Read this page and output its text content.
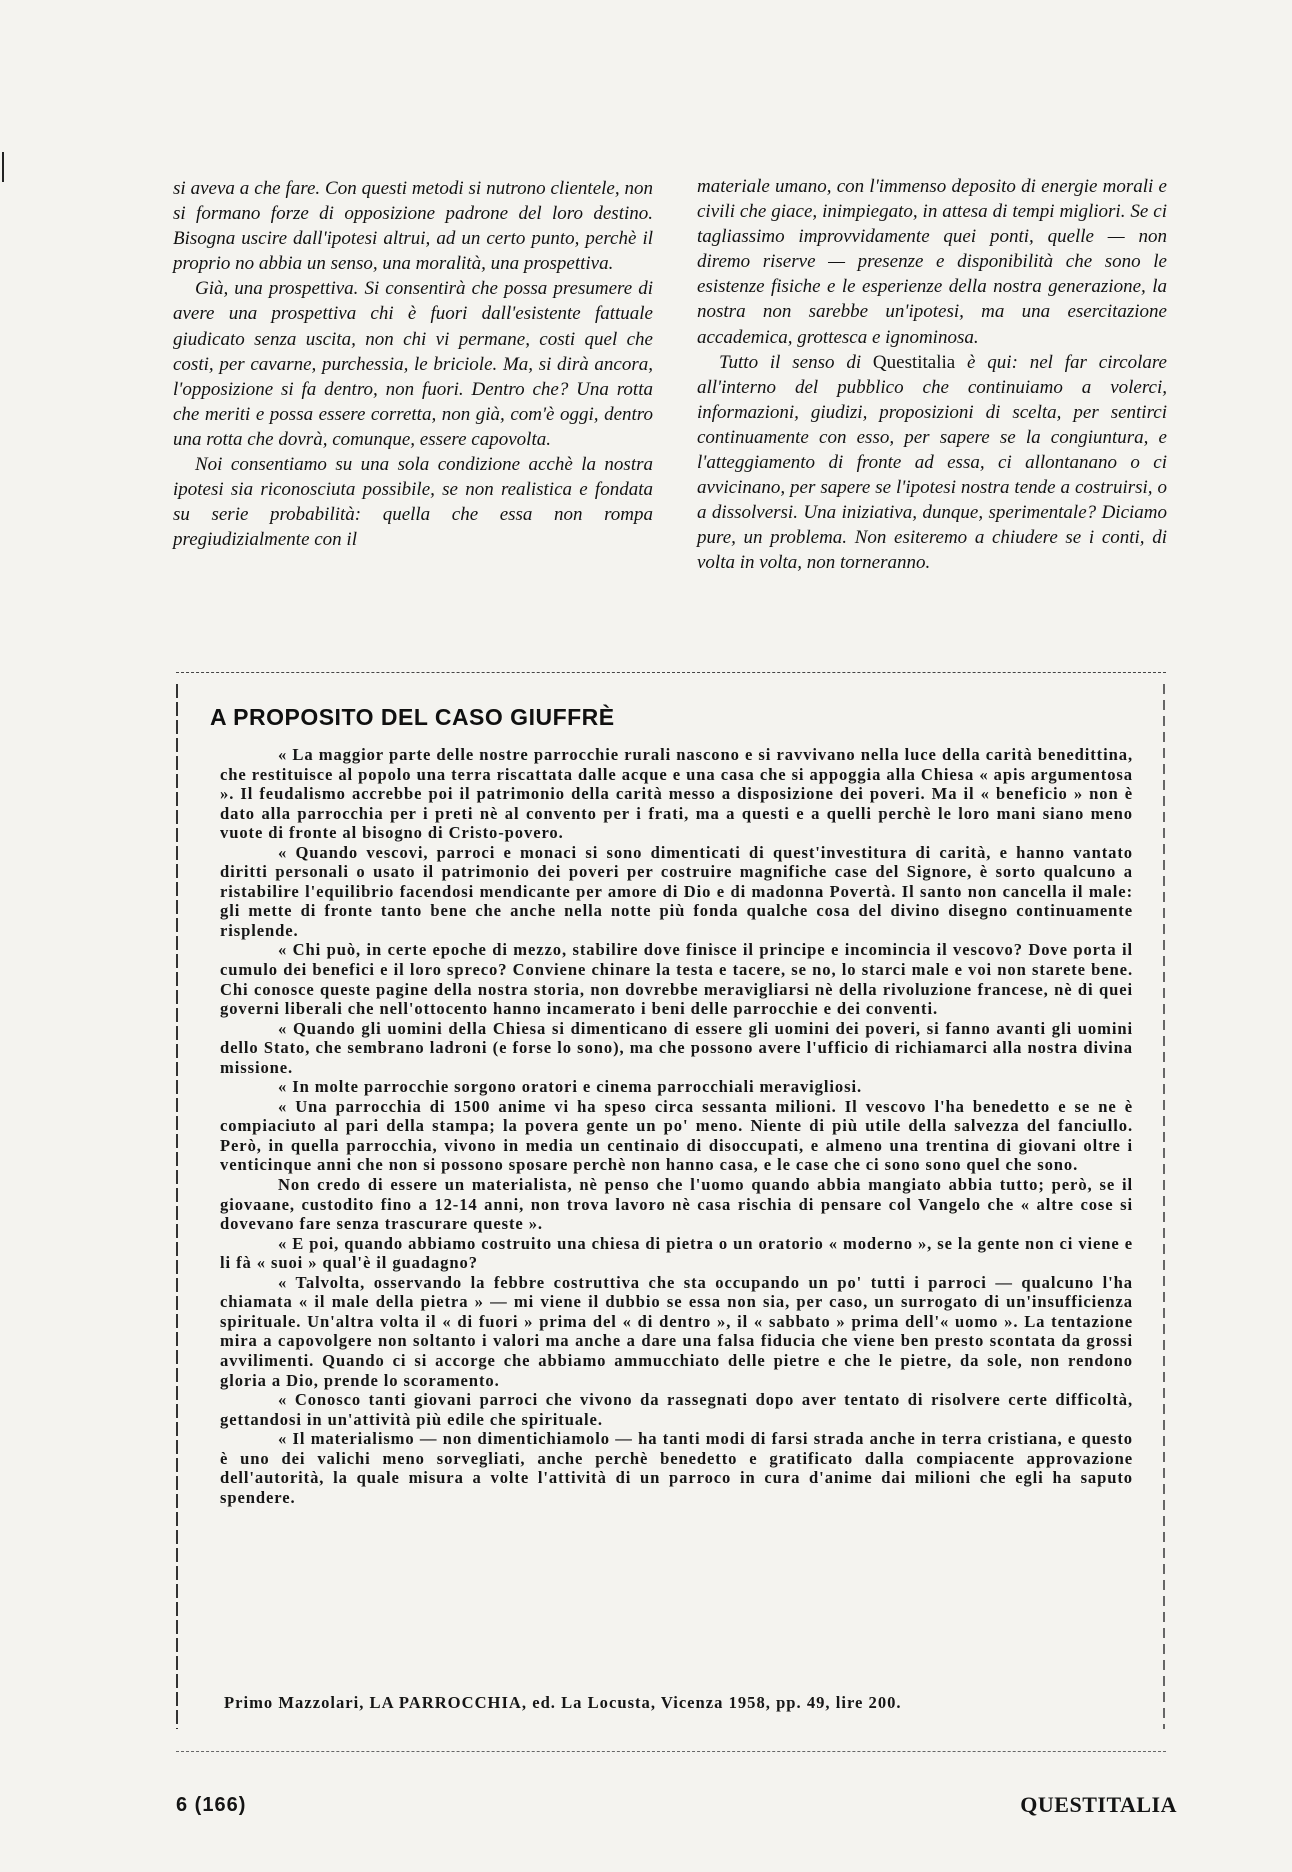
si aveva a che fare. Con questi metodi si nutrono clientele, non si formano forze di opposizione padrone del loro destino. Bisogna uscire dall'ipotesi altrui, ad un certo punto, perchè il proprio no abbia un senso, una moralità, una prospettiva.

Già, una prospettiva. Si consentirà che possa presumere di avere una prospettiva chi è fuori dall'esistente fattuale giudicato senza uscita, non chi vi permane, costi quel che costi, per cavarne, purchessia, le briciole. Ma, si dirà ancora, l'opposizione si fa dentro, non fuori. Dentro che? Una rotta che meriti e possa essere corretta, non già, com'è oggi, dentro una rotta che dovrà, comunque, essere capovolta.

Noi consentiamo su una sola condizione acchè la nostra ipotesi sia riconosciuta possibile, se non realistica e fondata su serie probabilità: quella che essa non rompa pregiudizialmente con il

materiale umano, con l'immenso deposito di energie morali e civili che giace, inimpiegato, in attesa di tempi migliori. Se ci tagliassimo improvvidamente quei ponti, quelle — non diremo riserve — presenze e disponibilità che sono le esistenze fisiche e le esperienze della nostra generazione, la nostra non sarebbe un'ipotesi, ma una esercitazione accademica, grottesca e ignominosa.

Tutto il senso di Questitalia è qui: nel far circolare all'interno del pubblico che continuiamo a volerci, informazioni, giudizi, proposizioni di scelta, per sentirci continuamente con esso, per sapere se la congiuntura, e l'atteggiamento di fronte ad essa, ci allontanano o ci avvicinano, per sapere se l'ipotesi nostra tende a costruirsi, o a dissolversi. Una iniziativa, dunque, sperimentale? Diciamo pure, un problema. Non esiteremo a chiudere se i conti, di volta in volta, non torneranno.

A PROPOSITO DEL CASO GIUFFRÈ

« La maggior parte delle nostre parrocchie rurali nascono e si ravvivano nella luce della carità benedittina, che restituisce al popolo una terra riscattata dalle acque e una casa che si appoggia alla Chiesa « apis argumentosa ». Il feudalismo accrebbe poi il patrimonio della carità messo a disposizione dei poveri. Ma il « beneficio » non è dato alla parrocchia per i preti nè al convento per i frati, ma a questi e a quelli perchè le loro mani siano meno vuote di fronte al bisogno di Cristo-povero.

« Quando vescovi, parroci e monaci si sono dimenticati di quest'investitura di carità, e hanno vantato diritti personali o usato il patrimonio dei poveri per costruire magnifiche case del Signore, è sorto qualcuno a ristabilire l'equilibrio facendosi mendicante per amore di Dio e di madonna Povertà. Il santo non cancella il male: gli mette di fronte tanto bene che anche nella notte più fonda qualche cosa del divino disegno continuamente risplende.

« Chi può, in certe epoche di mezzo, stabilire dove finisce il principe e incomincia il vescovo? Dove porta il cumulo dei benefici e il loro spreco? Conviene chinare la testa e tacere, se no, lo starci male e voi non starete bene. Chi conosce queste pagine della nostra storia, non dovrebbe meravigliarsi nè della rivoluzione francese, nè di quei governi liberali che nell'ottocento hanno incamerato i beni delle parrocchie e dei conventi.

« Quando gli uomini della Chiesa si dimenticano di essere gli uomini dei poveri, si fanno avanti gli uomini dello Stato, che sembrano ladroni (e forse lo sono), ma che possono avere l'ufficio di richiamarci alla nostra divina missione.

« In molte parrocchie sorgono oratori e cinema parrocchiali meravigliosi.

« Una parrocchia di 1500 anime vi ha speso circa sessanta milioni. Il vescovo l'ha benedetto e se ne è compiaciuto al pari della stampa; la povera gente un po' meno. Niente di più utile della salvezza del fanciullo. Però, in quella parrocchia, vivono in media un centinaio di disoccupati, e almeno una trentina di giovani oltre i venticinque anni che non si possono sposare perchè non hanno casa, e le case che ci sono sono quel che sono.

Non credo di essere un materialista, nè penso che l'uomo quando abbia mangiato abbia tutto; però, se il giovaane, custodito fino a 12-14 anni, non trova lavoro nè casa rischia di pensare col Vangelo che « altre cose si dovevano fare senza trascurare queste ».

« E poi, quando abbiamo costruito una chiesa di pietra o un oratorio « moderno », se la gente non ci viene e li fà « suoi » qual'è il guadagno?

« Talvolta, osservando la febbre costruttiva che sta occupando un po' tutti i parroci — qualcuno l'ha chiamata « il male della pietra » — mi viene il dubbio se essa non sia, per caso, un surrogato di un'insufficienza spirituale. Un'altra volta il « di fuori » prima del « di dentro », il « sabbato » prima dell'« uomo ». La tentazione mira a capovolgere non soltanto i valori ma anche a dare una falsa fiducia che viene ben presto scontata da grossi avvilimenti. Quando ci si accorge che abbiamo ammucchiato delle pietre e che le pietre, da sole, non rendono gloria a Dio, prende lo scoramento.

« Conosco tanti giovani parroci che vivono da rassegnati dopo aver tentato di risolvere certe difficoltà, gettandosi in un'attività più edile che spirituale.

« Il materialismo — non dimentichiamolo — ha tanti modi di farsi strada anche in terra cristiana, e questo è uno dei valichi meno sorvegliati, anche perchè benedetto e gratificato dalla compiacente approvazione dell'autorità, la quale misura a volte l'attività di un parroco in cura d'anime dai milioni che egli ha saputo spendere.

Primo Mazzolari, LA PARROCCHIA, ed. La Locusta, Vicenza 1958, pp. 49, lire 200.
6 (166)	QUESTITALIA
